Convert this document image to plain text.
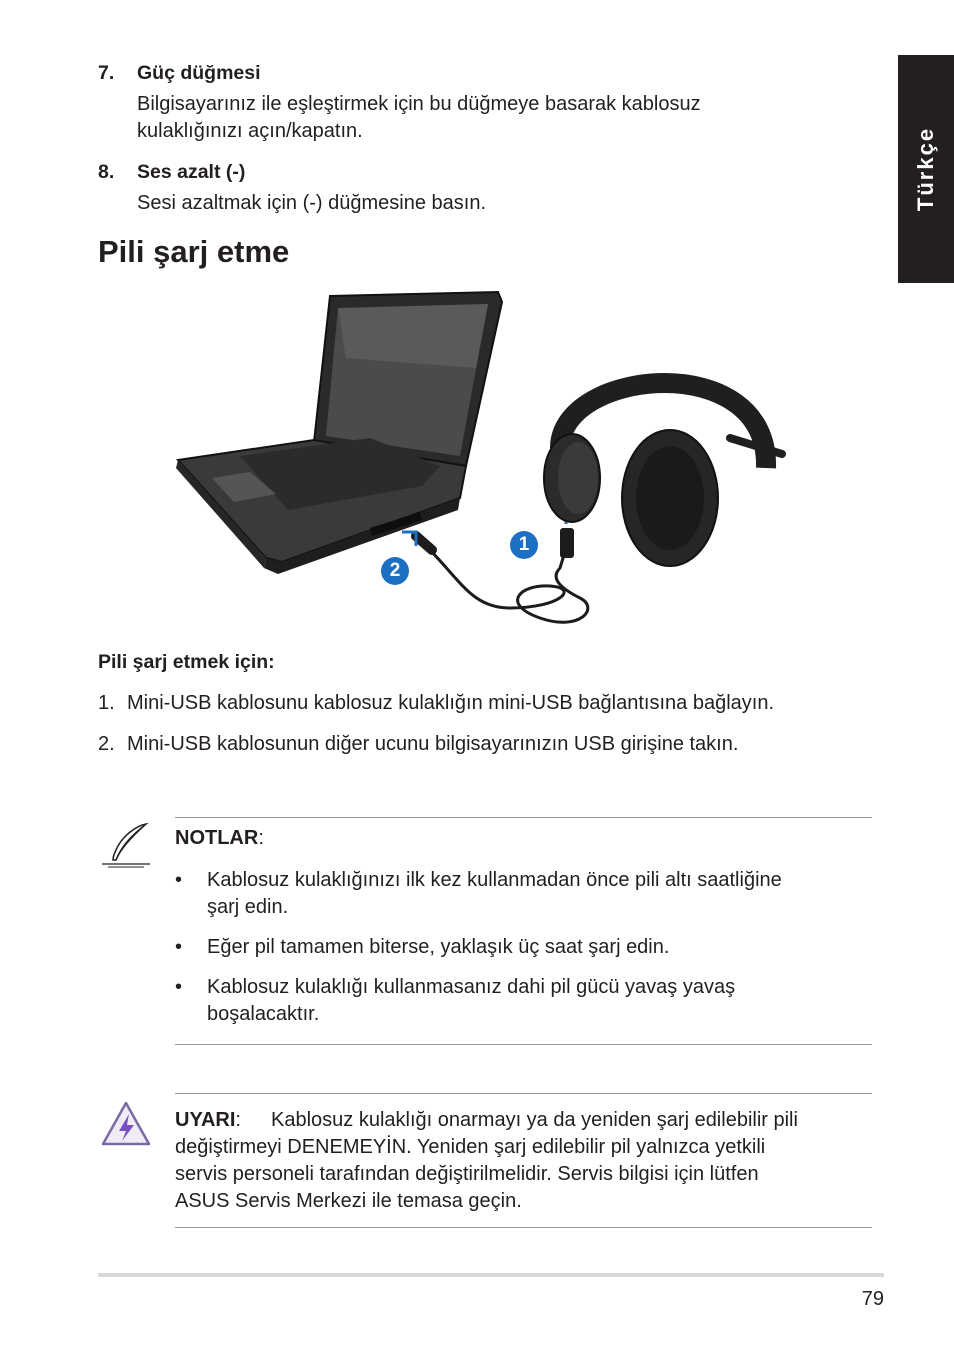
Türkçe
7. Güç düğmesi
Bilgisayarınız ile eşleştirmek için bu düğmeye basarak kablosuz
kulaklığınızı açın/kapatın.
8. Ses azalt (-)
Sesi azaltmak için (-) düğmesine basın.
Pili şarj etme
1
2
Pili şarj etmek için:
1. Mini-USB kablosunu kablosuz kulaklığın mini-USB bağlantısına bağlayın.
2. Mini-USB kablosunun diğer ucunu bilgisayarınızın USB girişine takın.
NOTLAR:
• Kablosuz kulaklığınızı ilk kez kullanmadan önce pili altı saatliğine
şarj edin.
• Eğer pil tamamen biterse, yaklaşık üç saat şarj edin.
• Kablosuz kulaklığı kullanmasanız dahi pil gücü yavaş yavaş
boşalacaktır.
UYARI:	Kablosuz kulaklığı onarmayı ya da yeniden şarj edilebilir pili
değiştirmeyi DENEMEYİN. Yeniden şarj edilebilir pil yalnızca yetkili
servis personeli tarafından değiştirilmelidir. Servis bilgisi için lütfen
ASUS Servis Merkezi ile temasa geçin.
79
